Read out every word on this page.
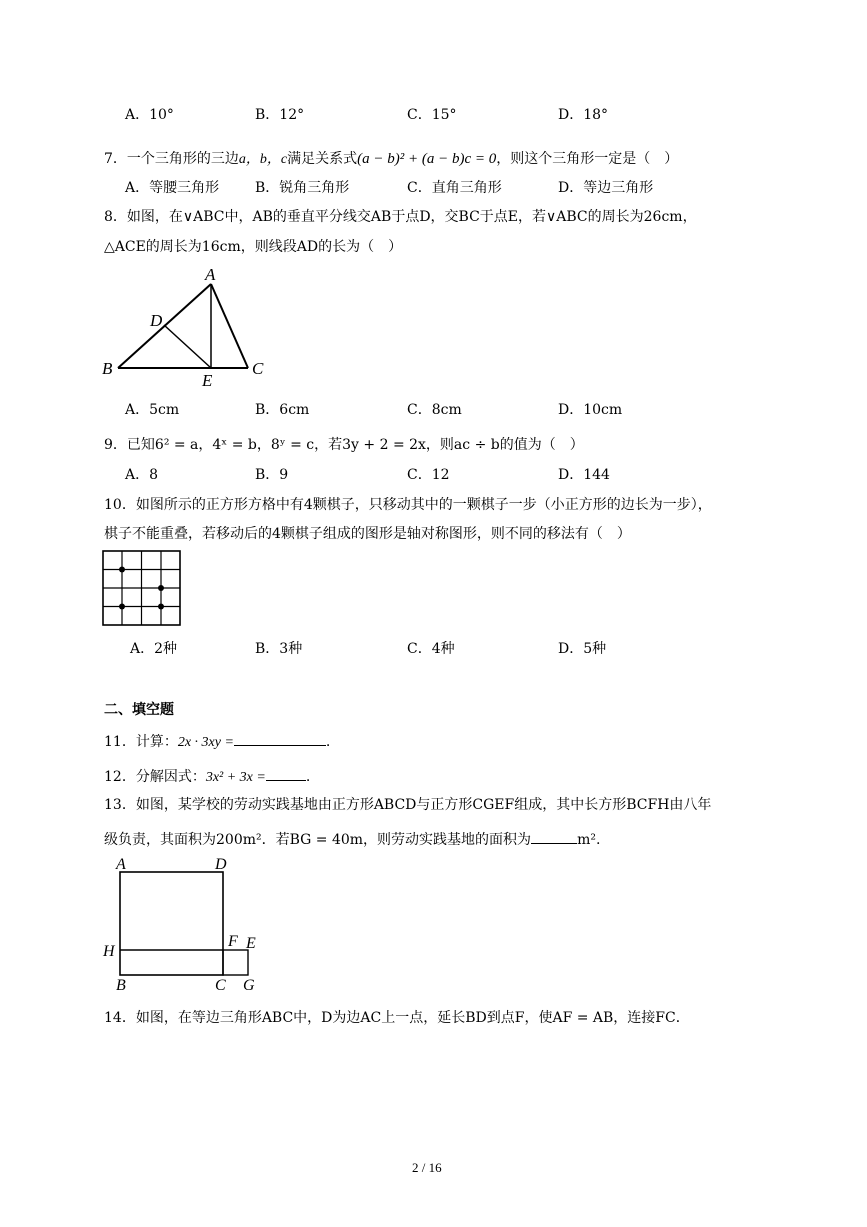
A．10°	B．12°	C．15°	D．18°
7．一个三角形的三边a，b，c满足关系式(a − b)² + (a − b)c = 0，则这个三角形一定是（　）
A．等腰三角形	B．锐角三角形	C．直角三角形	D．等边三角形
8．如图，在∨ABC中，AB的垂直平分线交AB于点D，交BC于点E，若∨ABC的周长为26cm，
△ACE的周长为16cm，则线段AD的长为（　）
A
B	C
D
E
A．5cm	B．6cm	C．8cm	D．10cm
9．已知6² = a，4ˣ = b，8ʸ = c，若3y + 2 = 2x，则ac ÷ b的值为（　）
A．8	B．9	C．12	D．144
10．如图所示的正方形方格中有4颗棋子，只移动其中的一颗棋子一步（小正方形的边长为一步），
棋子不能重叠，若移动后的4颗棋子组成的图形是轴对称图形，则不同的移法有（　）
A．2种	B．3种	C．4种	D．5种
二、填空题
11．计算：2x · 3xy =	.
12．分解因式：3x² + 3x =	.
13．如图，某学校的劳动实践基地由正方形ABCD与正方形CGEF组成，其中长方形BCFH由八年
级负责，其面积为200m²．若BG = 40m，则劳动实践基地的面积为	m².
A	D
H
F E
B	C G
14．如图，在等边三角形ABC中，D为边AC上一点，延长BD到点F，使AF = AB，连接FC．
2 / 16
